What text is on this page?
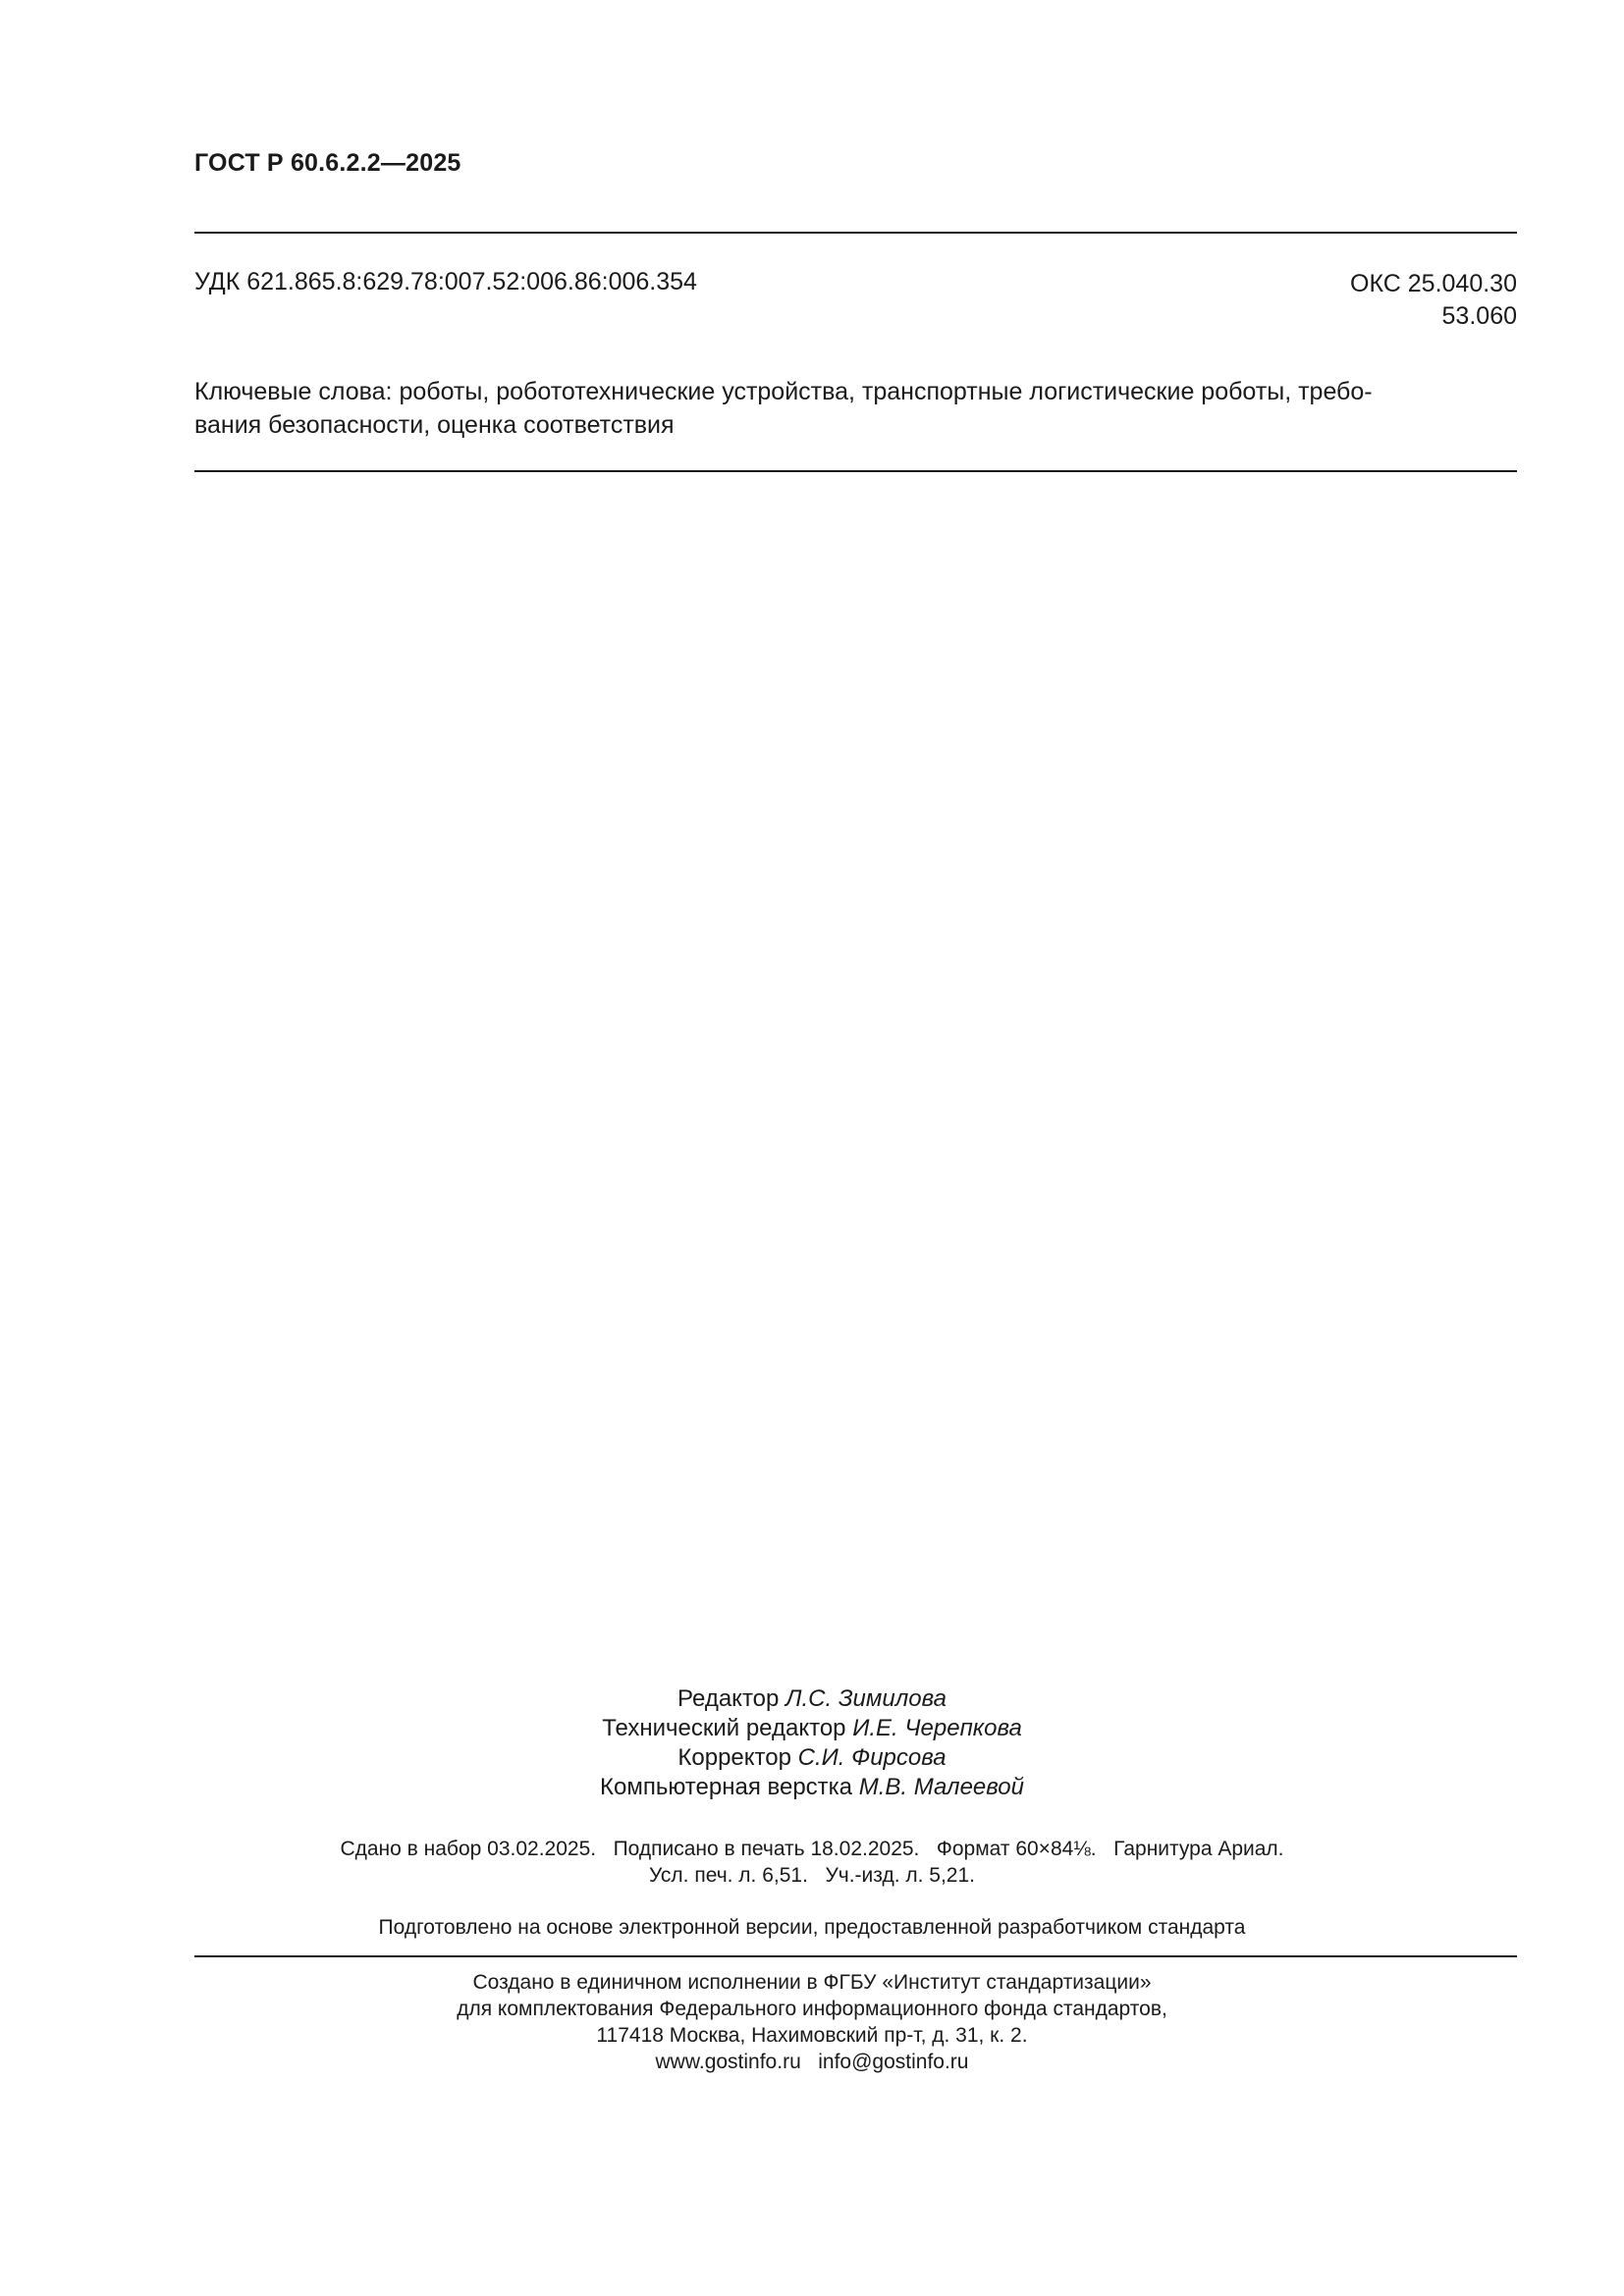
ГОСТ Р 60.6.2.2—2025
УДК 621.865.8:629.78:007.52:006.86:006.354	ОКС 25.040.30
53.060
Ключевые слова: роботы, робототехнические устройства, транспортные логистические роботы, требо-
вания безопасности, оценка соответствия
Редактор Л.С. Зимилова
Технический редактор И.Е. Черепкова
Корректор С.И. Фирсова
Компьютерная верстка М.В. Малеевой
Сдано в набор 03.02.2025.   Подписано в печать 18.02.2025.   Формат 60×84⅛.   Гарнитура Ариал.
Усл. печ. л. 6,51.   Уч.-изд. л. 5,21.
Подготовлено на основе электронной версии, предоставленной разработчиком стандарта
Создано в единичном исполнении в ФГБУ «Институт стандартизации»
для комплектования Федерального информационного фонда стандартов,
117418 Москва, Нахимовский пр-т, д. 31, к. 2.
www.gostinfo.ru   info@gostinfo.ru
